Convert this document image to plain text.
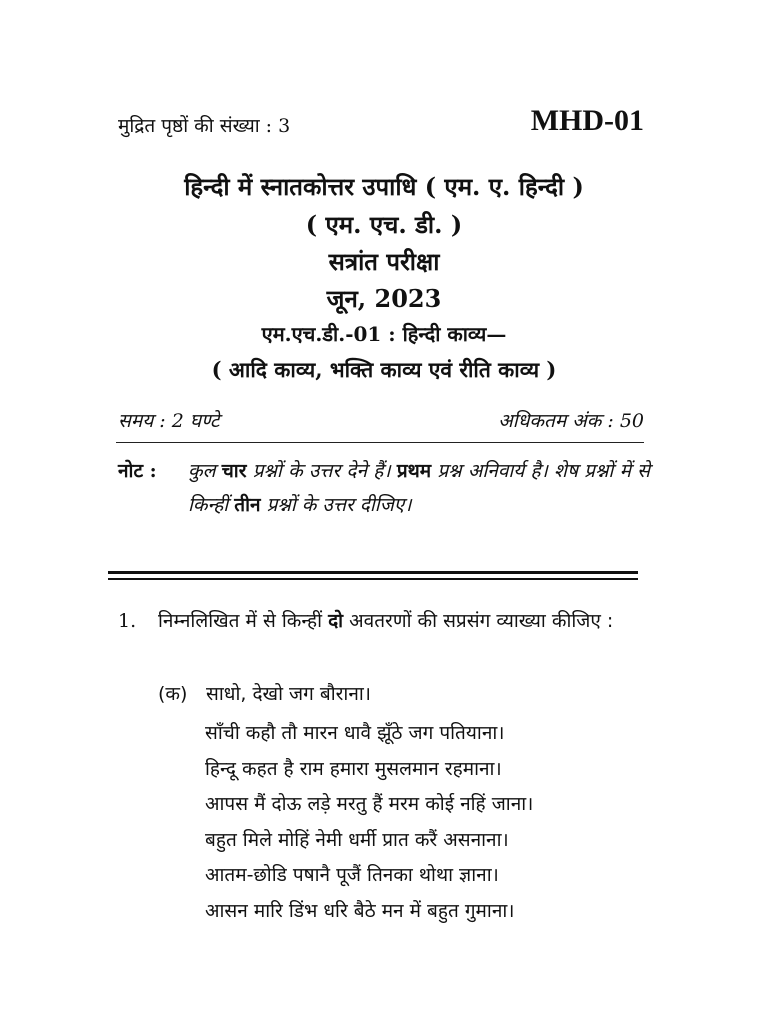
मुद्रित पृष्ठों की संख्या : 3	MHD-01
हिन्दी में स्नातकोत्तर उपाधि ( एम. ए. हिन्दी )
( एम. एच. डी. )
सत्रांत परीक्षा
जून, 2023
एम.एच.डी.-01 : हिन्दी काव्य—
( आदि काव्य, भक्ति काव्य एवं रीति काव्य )
समय : 2 घण्टे	अधिकतम अंक : 50
नोट : कुल चार प्रश्नों के उत्तर देने हैं। प्रथम प्रश्न अनिवार्य है। शेष प्रश्नों में से किन्हीं तीन प्रश्नों के उत्तर दीजिए।
1. निम्नलिखित में से किन्हीं दो अवतरणों की सप्रसंग व्याख्या कीजिए :
(क) साधो, देखो जग बौराना।
साँची कहौ तौ मारन धावै झूँठे जग पतियाना।
हिन्दू कहत है राम हमारा मुसलमान रहमाना।
आपस मैं दोऊ लड़े मरतु हैं मरम कोई नहिं जाना।
बहुत मिले मोहिं नेमी धर्मी प्रात करैं असनाना।
आतम-छोडि पषानै पूजैं तिनका थोथा ज्ञाना।
आसन मारि डिंभ धरि बैठे मन में बहुत गुमाना।
